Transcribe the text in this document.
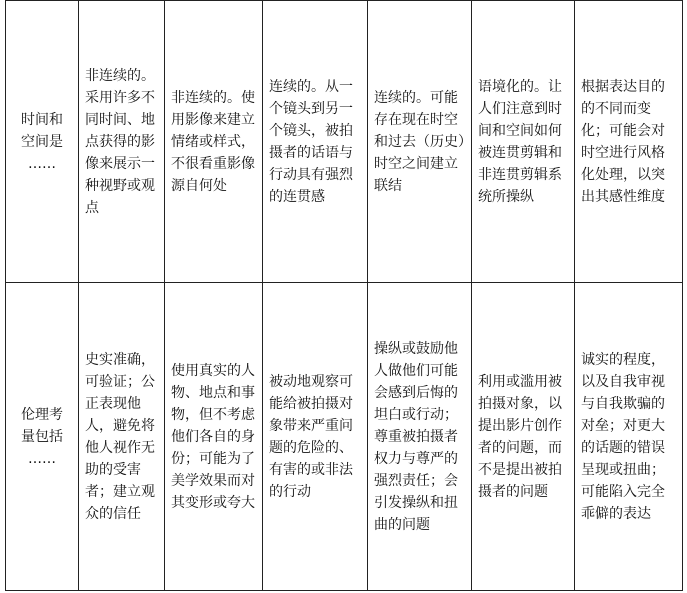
时间和
空间是
……	非连续的。采用许多不同时间、地点获得的影像来展示一种视野或观点	非连续的。使用影像来建立情绪或样式，不很看重影像源自何处	连续的。从一个镜头到另一个镜头，被拍摄者的话语与行动具有强烈的连贯感	连续的。可能存在现在时空和过去（历史）时空之间建立联结	语境化的。让人们注意到时间和空间如何被连贯剪辑和非连贯剪辑系统所操纵	根据表达目的的不同而变化；可能会对时空进行风格化处理，以突出其感性维度

伦理考
量包括
……	史实准确，可验证；公正表现他人，避免将他人视作无助的受害者；建立观众的信任	使用真实的人物、地点和事物，但不考虑他们各自的身份；可能为了美学效果而对其变形或夸大	被动地观察可能给被拍摄对象带来严重问题的危险的、有害的或非法的行动	操纵或鼓励他人做他们可能会感到后悔的坦白或行动；尊重被拍摄者权力与尊严的强烈责任；会引发操纵和扭曲的问题	利用或滥用被拍摄对象，以提出影片创作者的问题，而不是提出被拍摄者的问题	诚实的程度，以及自我审视与自我欺骗的对垒；对更大的话题的错误呈现或扭曲；可能陷入完全乖僻的表达
